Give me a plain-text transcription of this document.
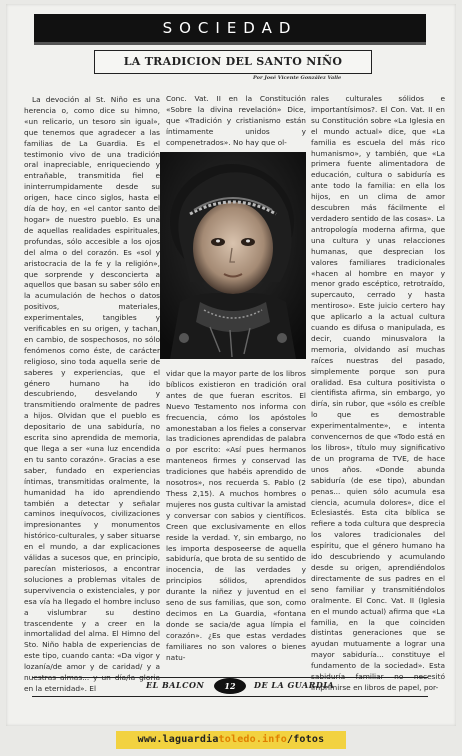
SOCIEDAD
LA TRADICION DEL SANTO NIÑO
Por José Vicente González Valle

La devoción al St. Niño es una herencia o, como dice su himno, «un relicario, un tesoro sin igual», que tenemos que agradecer a las familias de La Guardia. Es el testimonio vivo de una tradición oral inapreciable, enriqueciendo y entrañable, transmitida fiel e ininterrumpidamente desde su origen, hace cinco siglos, hasta el día de hoy, en «el cantor santo del hogar» de nuestro pueblo. Es una de aquellas realidades espirituales, profundas, sólo accesible a los ojos del alma o del corazón. Es «sol y aristocracia de la fe y la religión», que sorprende y desconcierta a aquellos que basan su saber sólo en la acumulación de hechos o datos positivos, materiales, experimentales, tangibles y verificables en su origen, y tachan, en cambio, de sospechosos, no sólo fenómenos como éste, de carácter religioso, sino toda aquella serie de saberes y experiencias, que el género humano ha ido descubriendo, desvelando y transmitiendo oralmente de padres a hijos. Olvidan que el pueblo es depositario de una sabiduría, no escrita sino aprendida de memoria, que llega a ser «una luz encendida en tu santo corazón». Gracias a ese saber, fundado en experiencias íntimas, transmitidas oralmente, la humanidad ha ido aprendiendo también a detectar y señalar caminos inequívocos, civilizaciones impresionantes y monumentos histórico-culturales, y saber situarse en el mundo, a dar explicaciones válidas a sucesos que, en principio, parecían misteriosos, a encontrar soluciones a problemas vitales de supervivencia o existenciales, y por esa vía ha llegado el hombre incluso a vislumbrar su destino trascendente y a creer en la inmortalidad del alma. El Himno del Sto. Niño habla de experiencias de este tipo, cuando canta: «Da vigor y lozanía/de amor y de caridad/ y a nuestras almas... y un día/la gloria en la eternidad». El

Conc. Vat. II en la Constitución «Sobre la divina revelación» Dice, que «Tradición y cristianismo están íntimamente unidos y compenetrados». No hay que ol-

vidar que la mayor parte de los libros bíblicos existieron en tradición oral antes de que fueran escritos. El Nuevo Testamento nos informa con frecuencia, cómo los apóstoles amonestaban a los fieles a conservar las tradiciones aprendidas de palabra o por escrito: «Así pues hermanos manteneos firmes y conservad las tradiciones que habéis aprendido de nosotros», nos recuerda S. Pablo (2 Thess 2,15). A muchos hombres o mujeres nos gusta cultivar la amistad y conversar con sabios y científicos. Creen que exclusivamente en ellos reside la verdad. Y, sin embargo, no les importa desposeerse de aquella sabiduría, que brota de su sentido de inocencia, de las verdades y principios sólidos, aprendidos durante la niñez y juventud en el seno de sus familias, que son, como decimos en La Guardia, «fontana donde se sacia/de agua límpia el corazón». ¿Es que estas verdades familiares no son valores o bienes natu-

rales culturales sólidos e importantísimos?. El Con. Vat. II en su Constitución sobre «La Iglesia en el mundo actual» dice, que «La familia es escuela del más rico humanismo», y también, que «La primera fuente alimentadora de educación, cultura o sabiduría es ante todo la familia: en ella los hijos, en un clima de amor descubren más fácilmente el verdadero sentido de las cosas». La antropología moderna afirma, que una cultura y unas relacciones humanas, que desprecian los valores familiares tradicionales «hacen al hombre en mayor y menor grado escéptico, retrotraído, supercauto, cerrado y hasta mentiroso». Este juicio certero hay que aplicarlo a la actual cultura cuando es difusa o manipulada, es decir, cuando minusvalora la memoria, olvidando así muchas raíces nuestras del pasado, simplemente porque son pura oralidad. Esa cultura positivista o cientifista afirma, sin embargo, yo diría, sin rubor, que «sólo es creíble lo que es demostrable experimentalmente», e intenta convencernos de que «Todo está en los libros», título muy significativo de un programa de TVE, de hace unos años. «Donde abunda sabiduría (de ese tipo), abundan penas... quien sólo acumula esa ciencia, acumula dolores», dice el Eclesiastés. Esta cita bíblica se refiere a toda cultura que desprecia los valores tradicionales del espíritu, que el género humano ha ido descubriendo y acumulando desde su origen, aprendiéndolos directamente de sus padres en el seno familiar y transmitiéndolos oralmente. El Conc. Vat. II (Iglesia en el mundo actual) afirma que «La familia, en la que coinciden distintas generaciones que se ayudan mutuamente a lograr una mayor sabiduría... constituye el fundamento de la sociedad». Esta sabiduría familiar no necesitó imprimirse en libros de papel, por-

EL BALCON	12	DE LA GUARDIA
www.laguardiatoledo.info/fotos
